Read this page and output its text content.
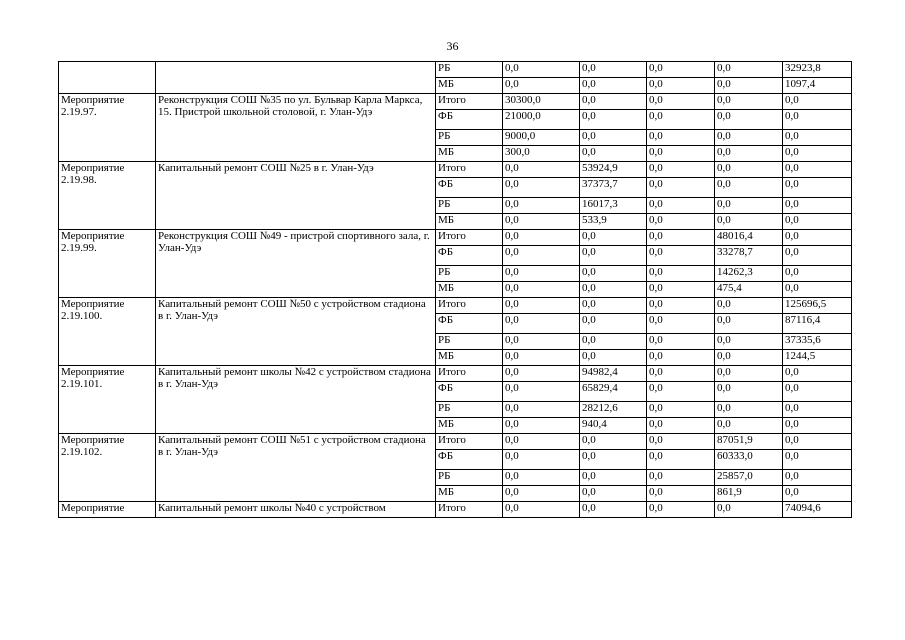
36
		РБ	0,0	0,0	0,0	0,0	32923,8
		МБ	0,0	0,0	0,0	0,0	1097,4
Мероприятие 2.19.97.	Реконструкция СОШ №35 по ул. Бульвар Карла Маркса, 15. Пристрой школьной столовой, г. Улан-Удэ	Итого	30300,0	0,0	0,0	0,0	0,0
		ФБ	21000,0	0,0	0,0	0,0	0,0
		РБ	9000,0	0,0	0,0	0,0	0,0
		МБ	300,0	0,0	0,0	0,0	0,0
Мероприятие 2.19.98.	Капитальный ремонт СОШ №25 в г. Улан-Удэ	Итого	0,0	53924,9	0,0	0,0	0,0
		ФБ	0,0	37373,7	0,0	0,0	0,0
		РБ	0,0	16017,3	0,0	0,0	0,0
		МБ	0,0	533,9	0,0	0,0	0,0
Мероприятие 2.19.99.	Реконструкция СОШ №49 - пристрой спортивного зала, г. Улан-Удэ	Итого	0,0	0,0	0,0	48016,4	0,0
		ФБ	0,0	0,0	0,0	33278,7	0,0
		РБ	0,0	0,0	0,0	14262,3	0,0
		МБ	0,0	0,0	0,0	475,4	0,0
Мероприятие 2.19.100.	Капитальный ремонт СОШ №50 с устройством стадиона в г. Улан-Удэ	Итого	0,0	0,0	0,0	0,0	125696,5
		ФБ	0,0	0,0	0,0	0,0	87116,4
		РБ	0,0	0,0	0,0	0,0	37335,6
		МБ	0,0	0,0	0,0	0,0	1244,5
Мероприятие 2.19.101.	Капитальный ремонт школы №42 с устройством стадиона в г. Улан-Удэ	Итого	0,0	94982,4	0,0	0,0	0,0
		ФБ	0,0	65829,4	0,0	0,0	0,0
		РБ	0,0	28212,6	0,0	0,0	0,0
		МБ	0,0	940,4	0,0	0,0	0,0
Мероприятие 2.19.102.	Капитальный ремонт СОШ №51 с устройством стадиона в г. Улан-Удэ	Итого	0,0	0,0	0,0	87051,9	0,0
		ФБ	0,0	0,0	0,0	60333,0	0,0
		РБ	0,0	0,0	0,0	25857,0	0,0
		МБ	0,0	0,0	0,0	861,9	0,0
Мероприятие	Капитальный ремонт школы №40 с устройством	Итого	0,0	0,0	0,0	0,0	74094,6
